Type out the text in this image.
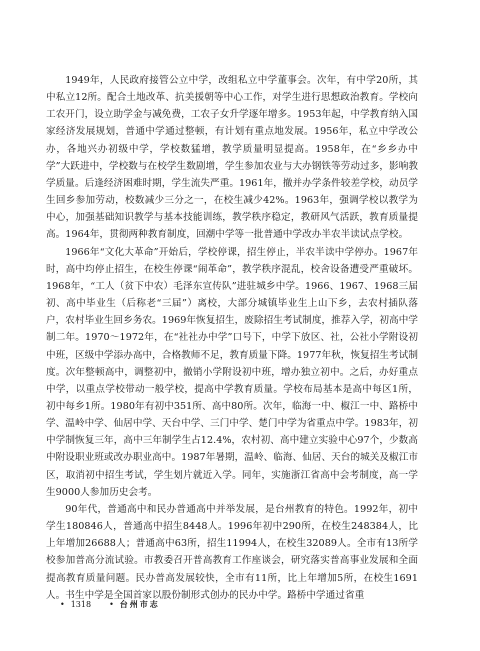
1949年，人民政府接管公立中学，改组私立中学董事会。次年，有中学20所，其中私立12所。配合土地改革、抗美援朝等中心工作，对学生进行思想政治教育。学校向工农开门，设立助学金与减免费，工农子女升学逐年增多。1953年起，中学教育纳入国家经济发展规划，普通中学通过整顿，有计划有重点地发展。1956年，私立中学改公办，各地兴办初级中学，学校数猛增，教学质量明显提高。1958年，在“乡乡办中学”大跃进中，学校数与在校学生数剧增，学生参加农业与大办钢铁等劳动过多，影响教学质量。后逢经济困难时期，学生流失严重。1961年，撤并办学条件较差学校，动员学生回乡参加劳动，校数减少三分之一，在校生减少42%。1963年，强调学校以教学为中心，加强基础知识教学与基本技能训练，教学秩序稳定，教研风气活跃，教育质量提高。1964年，贯彻两种教育制度，回潮中学等一批普通中学改办半农半读试点学校。

1966年“文化大革命”开始后，学校停课，招生停止，半农半读中学停办。1967年时，高中均停止招生，在校生停课“闹革命”，教学秩序混乱，校舍设备遭受严重破坏。1968年，“工人（贫下中农）毛泽东宣传队”进驻城乡中学。1966、1967、1968三届初、高中毕业生（后称老“三届”）离校，大部分城镇毕业生上山下乡，去农村插队落户，农村毕业生回乡务农。1969年恢复招生，废除招生考试制度，推荐入学，初高中学制二年。1970～1972年，在“社社办中学”口号下，中学下放区、社，公社小学附设初中班，区级中学添办高中，合格教师不足，教育质量下降。1977年秋，恢复招生考试制度。次年整顿高中，调整初中，撤销小学附设初中班，增办独立初中。之后，办好重点中学，以重点学校带动一般学校，提高中学教育质量。学校布局基本是高中每区1所，初中每乡1所。1980年有初中351所、高中80所。次年，临海一中、椒江一中、路桥中学、温岭中学、仙居中学、天台中学、三门中学、楚门中学为省重点中学。1983年，初中学制恢复三年，高中三年制学生占12.4%，农村初、高中建立实验中心97个，少数高中附设职业班或改办职业高中。1987年暑期，温岭、临海、仙居、天台的城关及椒江市区，取消初中招生考试，学生划片就近入学。同年，实施浙江省高中会考制度，高一学生9000人参加历史会考。

90年代，普通高中和民办普通高中并举发展，是台州教育的特色。1992年，初中学生180846人，普通高中招生8448人。1996年初中290所，在校生248384人，比上年增加26688人；普通高中63所，招生11994人，在校生32089人。全市有13所学校参加普高分流试验。市教委召开普高教育工作座谈会，研究落实普高事业发展和全面提高教育质量问题。民办普高发展较快，全市有11所，比上年增加5所，在校生1691人。书生中学是全国首家以股份制形式创办的民办中学。路桥中学通过省重

• 1318 • 台州市志
